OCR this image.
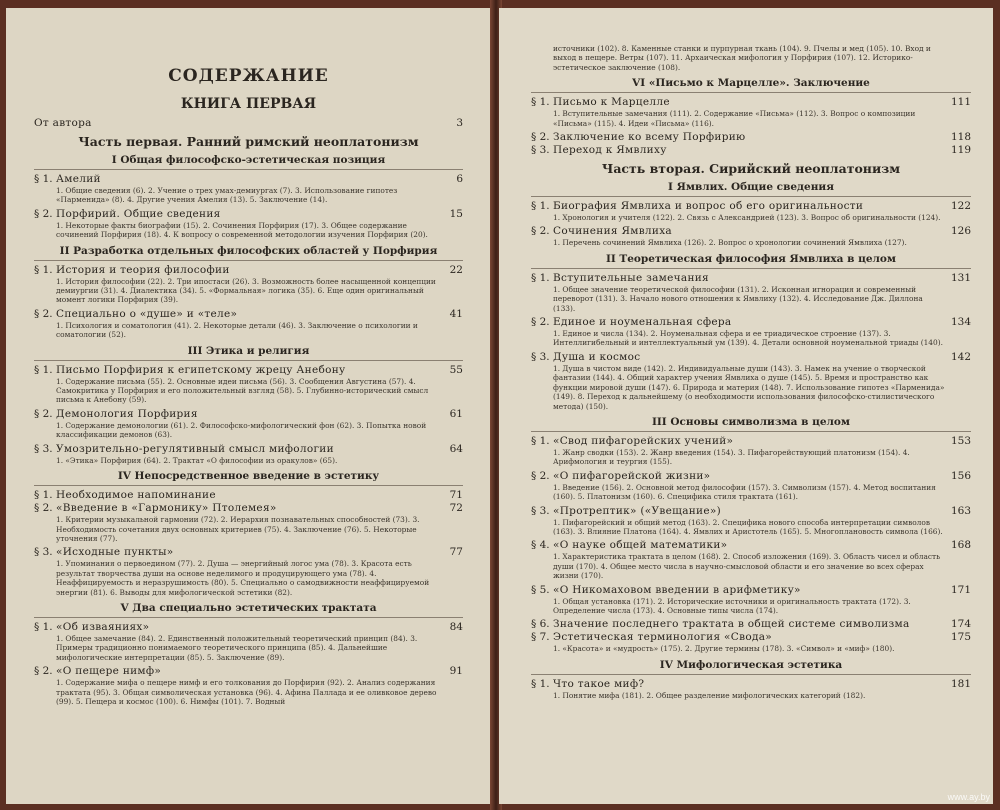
СОДЕРЖАНИЕ
КНИГА ПЕРВАЯ
От автора	3
Часть первая. Ранний римский неоплатонизм
I Общая философско-эстетическая позиция
§ 1. Амелий	6
1. Общие сведения (6). 2. Учение о трех умах-демиургах (7). 3. Использование гипотез «Парменида» (8). 4. Другие учения Амелия (13). 5. Заключение (14).
§ 2. Порфирий. Общие сведения	15
1. Некоторые факты биографии (15). 2. Сочинения Порфирия (17). 3. Общее содержание сочинений Порфирия (18). 4. К вопросу о современной методологии изучения Порфирия (20).
II Разработка отдельных философских областей у Порфирия
§ 1. История и теория философии	22
1. История философии (22). 2. Три ипостаси (26). 3. Возможность более насыщенной концепции демиургии (31). 4. Диалектика (34). 5. «Формальная» логика (35). 6. Еще один оригинальный момент логики Порфирия (39).
§ 2. Специально о «душе» и «теле»	41
1. Психология и соматология (41). 2. Некоторые детали (46). 3. Заключение о психологии и соматологии (52).
III Этика и религия
§ 1. Письмо Порфирия к египетскому жрецу Анебону	55
1. Содержание письма (55). 2. Основные идеи письма (56). 3. Сообщения Августина (57). 4. Самокритика у Порфирия и его положительный взгляд (58). 5. Глубинно-исторический смысл письма к Анебону (59).
§ 2. Демонология Порфирия	61
1. Содержание демонологии (61). 2. Философско-мифологический фон (62). 3. Попытка новой классификации демонов (63).
§ 3. Умозрительно-регулятивный смысл мифологии	64
1. «Этика» Порфирия (64). 2. Трактат «О философии из оракулов» (65).
IV Непосредственное введение в эстетику
§ 1. Необходимое напоминание	71
§ 2. «Введение в «Гармонику» Птолемея»	72
1. Критерии музыкальной гармонии (72). 2. Иерархия познавательных способностей (73). 3. Необходимость сочетания двух основных критериев (75). 4. Заключение (76). 5. Некоторые уточнения (77).
§ 3. «Исходные пункты»	77
1. Упоминания о первоедином (77). 2. Душа — энергийный логос ума (78). 3. Красота есть результат творчества души на основе неделимого и продуцирующего ума (78). 4. Неаффицируемость и неразрушимость (80). 5. Специально о самодвижности неаффицируемой энергии (81). 6. Выводы для мифологической эстетики (82).
V Два специально эстетических трактата
§ 1. «Об изваяниях»	84
1. Общее замечание (84). 2. Единственный положительный теоретический принцип (84). 3. Примеры традиционно понимаемого теоретического принципа (85). 4. Дальнейшие мифологические интерпретации (85). 5. Заключение (89).
§ 2. «О пещере нимф»	91
1. Содержание мифа о пещере нимф и его толкования до Порфирия (92). 2. Анализ содержания трактата (95). 3. Общая символическая установка (96). 4. Афина Паллада и ее оливковое дерево (99). 5. Пещера и космос (100). 6. Нимфы (101). 7. Водный
источники (102). 8. Каменные станки и пурпурная ткань (104). 9. Пчелы и мед (105). 10. Вход и выход в пещере. Ветры (107). 11. Архаическая мифология у Порфирия (107). 12. Историко-эстетическое заключение (108).
VI «Письмо к Марцелле». Заключение
§ 1. Письмо к Марцелле	111
1. Вступительные замечания (111). 2. Содержание «Письма» (112). 3. Вопрос о композиции «Письма» (115). 4. Идеи «Письма» (116).
§ 2. Заключение ко всему Порфирию	118
§ 3. Переход к Ямвлиху	119
Часть вторая. Сирийский неоплатонизм
I Ямвлих. Общие сведения
§ 1. Биография Ямвлиха и вопрос об его оригинальности	122
1. Хронология и учителя (122). 2. Связь с Александрией (123). 3. Вопрос об оригинальности (124).
§ 2. Сочинения Ямвлиха	126
1. Перечень сочинений Ямвлиха (126). 2. Вопрос о хронологии сочинений Ямвлиха (127).
II Теоретическая философия Ямвлиха в целом
§ 1. Вступительные замечания	131
1. Общее значение теоретической философии (131). 2. Исконная игнорация и современный переворот (131). 3. Начало нового отношения к Ямвлиху (132). 4. Исследование Дж. Диллона (133).
§ 2. Единое и ноуменальная сфера	134
1. Единое и числа (134). 2. Ноуменальная сфера и ее триадическое строение (137). 3. Интеллигибельный и интеллектуальный ум (139). 4. Детали основной ноуменальной триады (140).
§ 3. Душа и космос	142
1. Душа в чистом виде (142). 2. Индивидуальные души (143). 3. Намек на учение о творческой фантазии (144). 4. Общий характер учения Ямвлиха о душе (145). 5. Время и пространство как функции мировой души (147). 6. Природа и материя (148). 7. Использование гипотез «Парменида» (149). 8. Переход к дальнейшему (о необходимости использования философско-стилистического метода) (150).
III Основы символизма в целом
§ 1. «Свод пифагорейских учений»	153
1. Жанр сводки (153). 2. Жанр введения (154). 3. Пифагорействующий платонизм (154). 4. Арифмология и теургия (155).
§ 2. «О пифагорейской жизни»	156
1. Введение (156). 2. Основной метод философии (157). 3. Символизм (157). 4. Метод воспитания (160). 5. Платонизм (160). 6. Специфика стиля трактата (161).
§ 3. «Протрептик» («Увещание»)	163
1. Пифагорейский и общий метод (163). 2. Специфика нового способа интерпретации символов (163). 3. Влияние Платона (164). 4. Ямвлих и Аристотель (165). 5. Многоплановость символа (166).
§ 4. «О науке общей математики»	168
1. Характеристика трактата в целом (168). 2. Способ изложения (169). 3. Область чисел и область души (170). 4. Общее место числа в научно-смысловой области и его значение во всех сферах жизни (170).
§ 5. «О Никомаховом введении в арифметику»	171
1. Общая установка (171). 2. Исторические источники и оригинальность трактата (172). 3. Определение числа (173). 4. Основные типы числа (174).
§ 6. Значение последнего трактата в общей системе символизма	174
§ 7. Эстетическая терминология «Свода»	175
1. «Красота» и «мудрость» (175). 2. Другие термины (178). 3. «Символ» и «миф» (180).
IV Мифологическая эстетика
§ 1. Что такое миф?	181
1. Понятие мифа (181). 2. Общее разделение мифологических категорий (182).
www.ay.by
